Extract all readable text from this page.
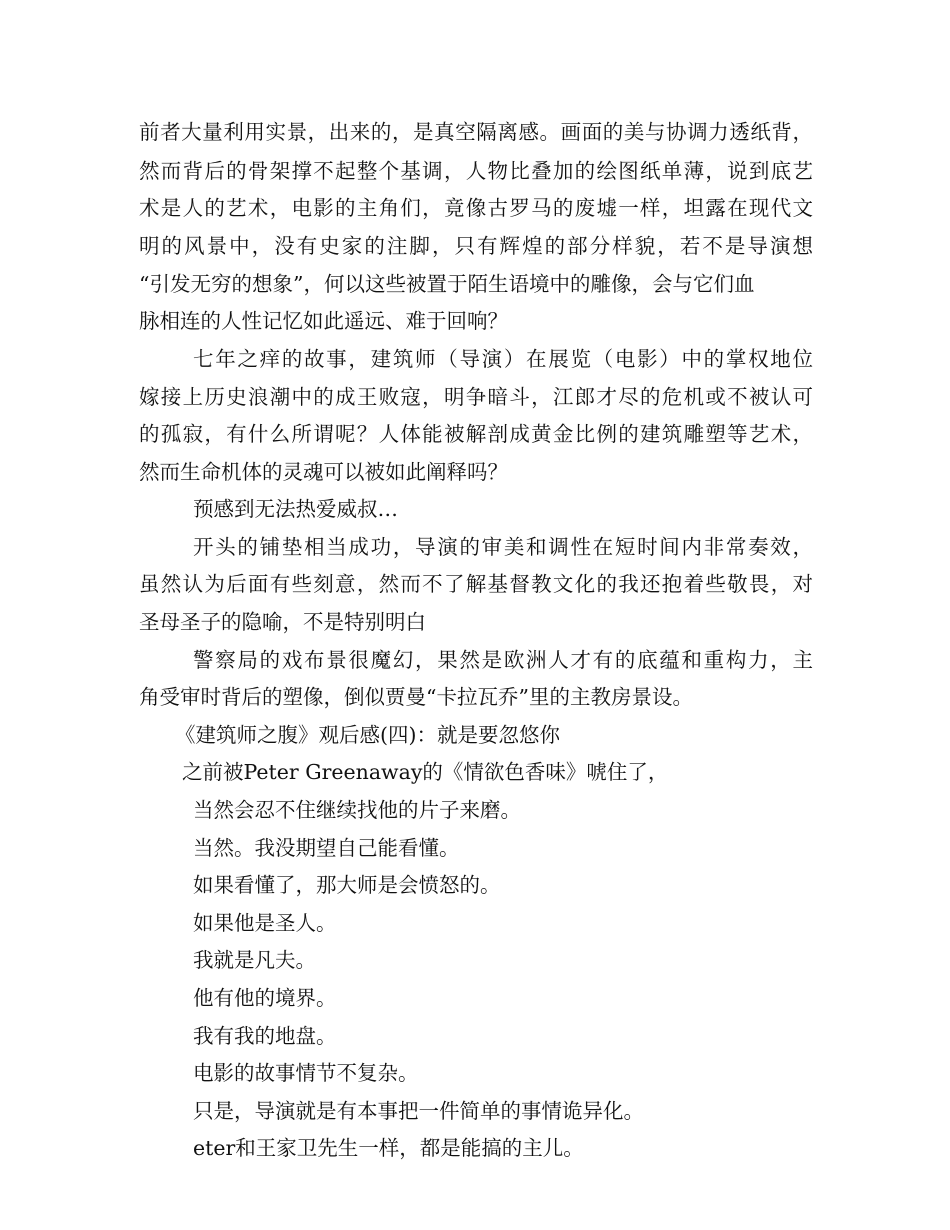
前者大量利用实景，出来的，是真空隔离感。画面的美与协调力透纸背，
然而背后的骨架撑不起整个基调，人物比叠加的绘图纸单薄，说到底艺
术是人的艺术，电影的主角们，竟像古罗马的废墟一样，坦露在现代文
明的风景中，没有史家的注脚，只有辉煌的部分样貌，若不是导演想
“引发无穷的想象”，何以这些被置于陌生语境中的雕像，会与它们血
脉相连的人性记忆如此遥远、难于回响？
七年之痒的故事，建筑师（导演）在展览（电影）中的掌权地位
嫁接上历史浪潮中的成王败寇，明争暗斗，江郎才尽的危机或不被认可
的孤寂，有什么所谓呢？人体能被解剖成黄金比例的建筑雕塑等艺术，
然而生命机体的灵魂可以被如此阐释吗？
预感到无法热爱威叔…
开头的铺垫相当成功，导演的审美和调性在短时间内非常奏效，
虽然认为后面有些刻意，然而不了解基督教文化的我还抱着些敬畏，对
圣母圣子的隐喻，不是特别明白
警察局的戏布景很魔幻，果然是欧洲人才有的底蕴和重构力，主
角受审时背后的塑像，倒似贾曼“卡拉瓦乔”里的主教房景设。
《建筑师之腹》观后感(四)：就是要忽悠你
之前被Peter Greenaway的《情欲色香味》唬住了，
当然会忍不住继续找他的片子来磨。
当然。我没期望自己能看懂。
如果看懂了，那大师是会愤怒的。
如果他是圣人。
我就是凡夫。
他有他的境界。
我有我的地盘。
电影的故事情节不复杂。
只是，导演就是有本事把一件简单的事情诡异化。
eter和王家卫先生一样，都是能搞的主儿。
